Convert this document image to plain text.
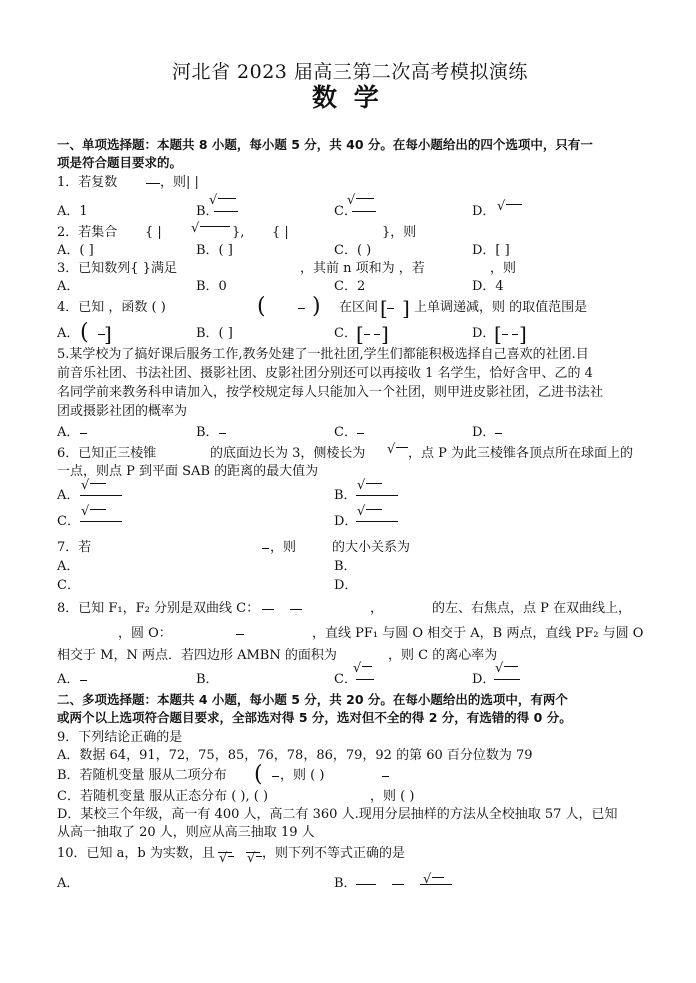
河北省 2023 届高三第二次高考模拟演练
数 学
一、单项选择题：本题共 8 小题，每小题 5 分，共 40 分。在每小题给出的四个选项中，只有一
项是符合题目要求的。
1．若复数	，则| |
A．1	B． √	C． √	D．
√
2．若集合 { | √	}, { |	}，则
A．( ]	B．( ]	C．( )	D．[ ]
3．已知数列{ }满足	，其前 n 项和为 ，若	，则
A．	B．0	C．2	D．4
4．已知 ，函数 ( )	( ) 在区间 [ ] 上单调递减，则 的取值范围是
A． ( ]	B．( ]	C． [ ]	D．
[ ]
5.某学校为了搞好课后服务工作,教务处建了一批社团,学生们都能积极选择自己喜欢的社团.目
前音乐社团、书法社团、摄影社团、皮影社团分别还可以再接收 1 名学生，恰好含甲、乙的 4
名同学前来教务科申请加入，按学校规定每人只能加入一个社团，则甲进皮影社团，乙进书法社
团或摄影社团的概率为
A．	B．	C．	D．
6．已知正三棱锥	的底面边长为 3，侧棱长为 √	，点 P 为此三棱锥各顶点所在球面上的
一点，则点 P 到平面 SAB 的距离的最大值为
A． √	B．
√
C． √	D．
√
7．若	，则	的大小关系为
A．	B．
C．	D．
8．已知 F₁，F₂ 分别是双曲线 C：	，	的左、右焦点，点 P 在双曲线上，
，圆 O：	，直线 PF₁ 与圆 O 相交于 A，B 两点，直线 PF₂ 与圆 O
相交于 M，N 两点．若四边形 AMBN 的面积为	，则 C 的离心率为
A．	B．	C． √	D．
√
二、多项选择题：本题共 4 小题，每小题 5 分，共 20 分。在每小题给出的选项中，有两个
或两个以上选项符合题目要求，全部选对得 5 分，选对但不全的得 2 分，有选错的得 0 分。
9．下列结论正确的是
A．数据 64，91，72，75，85，76，78，86，79，92 的第 60 百分位数为 79
B．若随机变量 服从二项分布 ( ，则 ( )
C．若随机变量 服从正态分布 ( ), ( )	，则 ( )
D．某校三个年级，高一有 400 人，高二有 360 人.现用分层抽样的方法从全校抽取 57 人，已知
从高一抽取了 20 人，则应从高三抽取 19 人
10．已知 a，b 为实数，且
√
√	，则下列不等式正确的是
A．	B．
√
